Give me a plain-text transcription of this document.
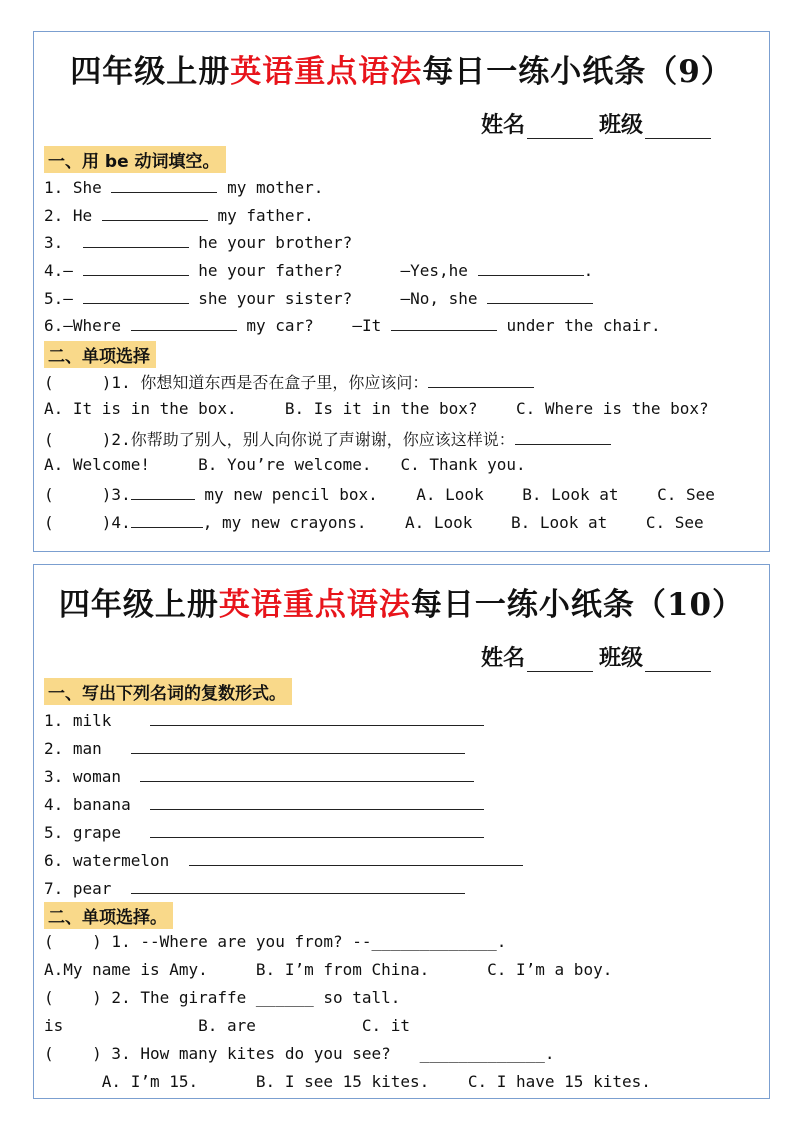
四年级上册英语重点语法每日一练小纸条（9）
姓名	班级
一、用 be 动词填空。
1. She	my mother.
2. He	my father.
3.	he your brother?
4.—	he your father?	—Yes,he	.
5.—	she your sister?	—No, she
6.—Where	my car? —It	under the chair.
二、单项选择
(     )1. 你想知道东西是否在盒子里，你应该问：
A. It is in the box.	B. Is it in the box? C. Where is the box?
(     )2.你帮助了别人，别人向你说了声谢谢，你应该这样说：
A. Welcome!	B. You’re welcome. C. Thank you.
(     )3.	my new pencil box. A. Look B. Look at C. See
(     )4.	, my new crayons. A. Look B. Look at C. See
四年级上册英语重点语法每日一练小纸条（10）
姓名	班级
一、写出下列名词的复数形式。
1. milk
2. man
3. woman
4. banana
5. grape
6. watermelon
7. pear
二、单项选择。
(    ) 1. --Where are you from? --_____________.
A.My name is Amy.     B. I’m from China.      C. I’m a boy.
(    ) 2. The giraffe ______ so tall.
is              B. are           C. it
(    ) 3. How many kites do you see?   _____________.
A. I’m 15.      B. I see 15 kites.    C. I have 15 kites.
